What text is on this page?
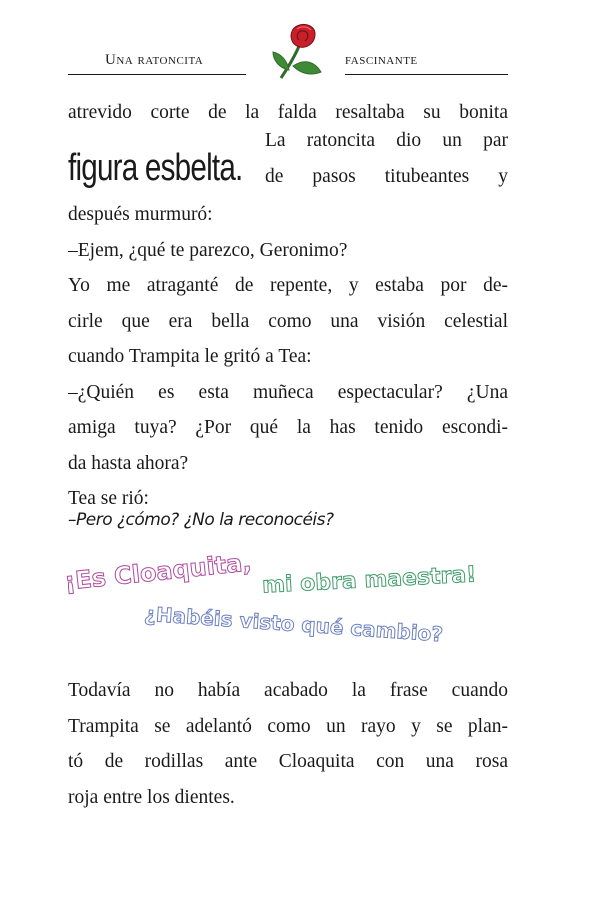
Una ratoncita	fascinante
atrevido corte de la falda resaltaba su bonita
figura esbelta.
La ratoncita dio un par
de pasos titubeantes y
después murmuró:
–Ejem, ¿qué te parezco, Geronimo?
Yo me atraganté de repente, y estaba por de-
cirle que era bella como una visión celestial
cuando Trampita le gritó a Tea:
–¿Quién es esta muñeca espectacular? ¿Una
amiga tuya? ¿Por qué la has tenido escondi-
da hasta ahora?
Tea se rió:
–Pero ¿cómo? ¿No la reconocéis?
¡Es Cloaquita, mi obra maestra!
¿Habéis visto qué cambio?
Todavía no había acabado la frase cuando
Trampita se adelantó como un rayo y se plan-
tó de rodillas ante Cloaquita con una rosa
roja entre los dientes.
